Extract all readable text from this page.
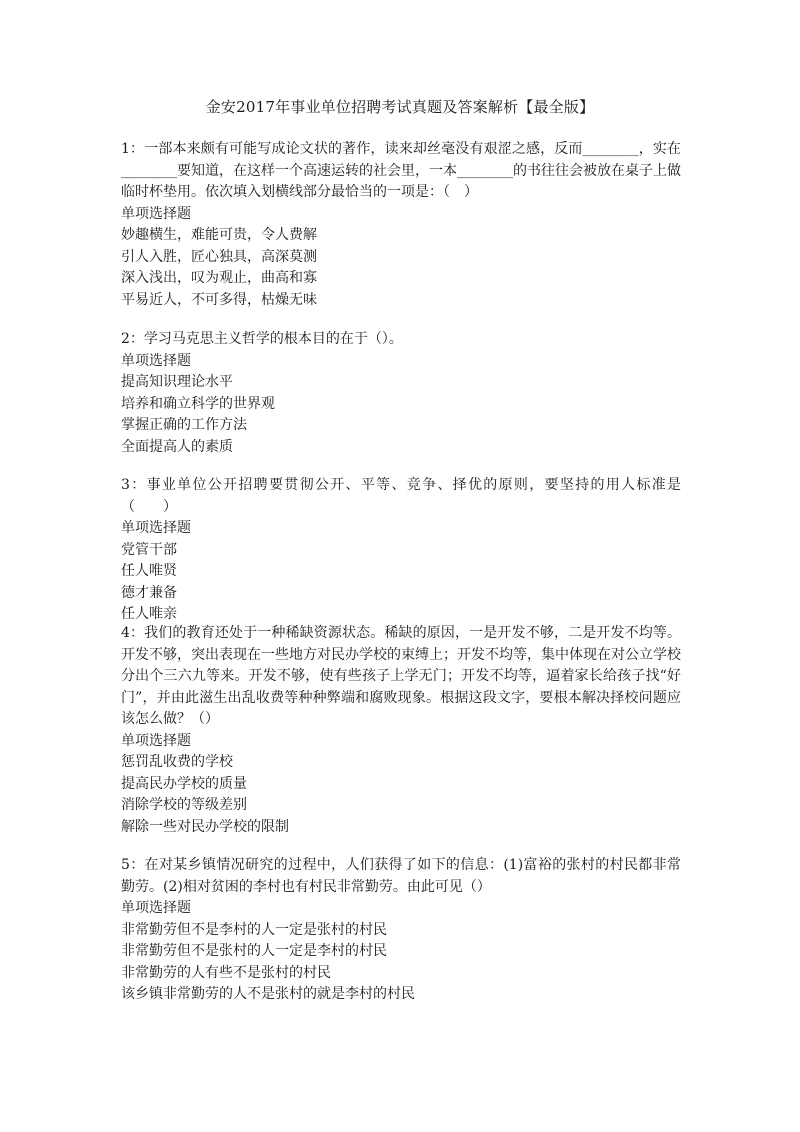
金安2017年事业单位招聘考试真题及答案解析【最全版】

1：一部本来颇有可能写成论文状的著作，读来却丝毫没有艰涩之感，反而________，实在________要知道，在这样一个高速运转的社会里，一本________的书往往会被放在桌子上做临时杯垫用。依次填入划横线部分最恰当的一项是：（　）

单项选择题

妙趣横生，难能可贵，令人费解

引人入胜，匠心独具，高深莫测

深入浅出，叹为观止，曲高和寡

平易近人，不可多得，枯燥无味

2：学习马克思主义哲学的根本目的在于（）。

单项选择题

提高知识理论水平

培养和确立科学的世界观

掌握正确的工作方法

全面提高人的素质

3：事业单位公开招聘要贯彻公开、平等、竞争、择优的原则，要坚持的用人标准是（　　）

单项选择题

党管干部

任人唯贤

德才兼备

任人唯亲

4：我们的教育还处于一种稀缺资源状态。稀缺的原因，一是开发不够，二是开发不均等。开发不够，突出表现在一些地方对民办学校的束缚上；开发不均等，集中体现在对公立学校分出个三六九等来。开发不够，使有些孩子上学无门；开发不均等，逼着家长给孩子找“好门”，并由此滋生出乱收费等种种弊端和腐败现象。根据这段文字，要根本解决择校问题应该怎么做？（）

单项选择题

惩罚乱收费的学校

提高民办学校的质量

消除学校的等级差别

解除一些对民办学校的限制

5：在对某乡镇情况研究的过程中，人们获得了如下的信息：(1)富裕的张村的村民都非常勤劳。(2)相对贫困的李村也有村民非常勤劳。由此可见（）

单项选择题

非常勤劳但不是李村的人一定是张村的村民

非常勤劳但不是张村的人一定是李村的村民

非常勤劳的人有些不是张村的村民

该乡镇非常勤劳的人不是张村的就是李村的村民
